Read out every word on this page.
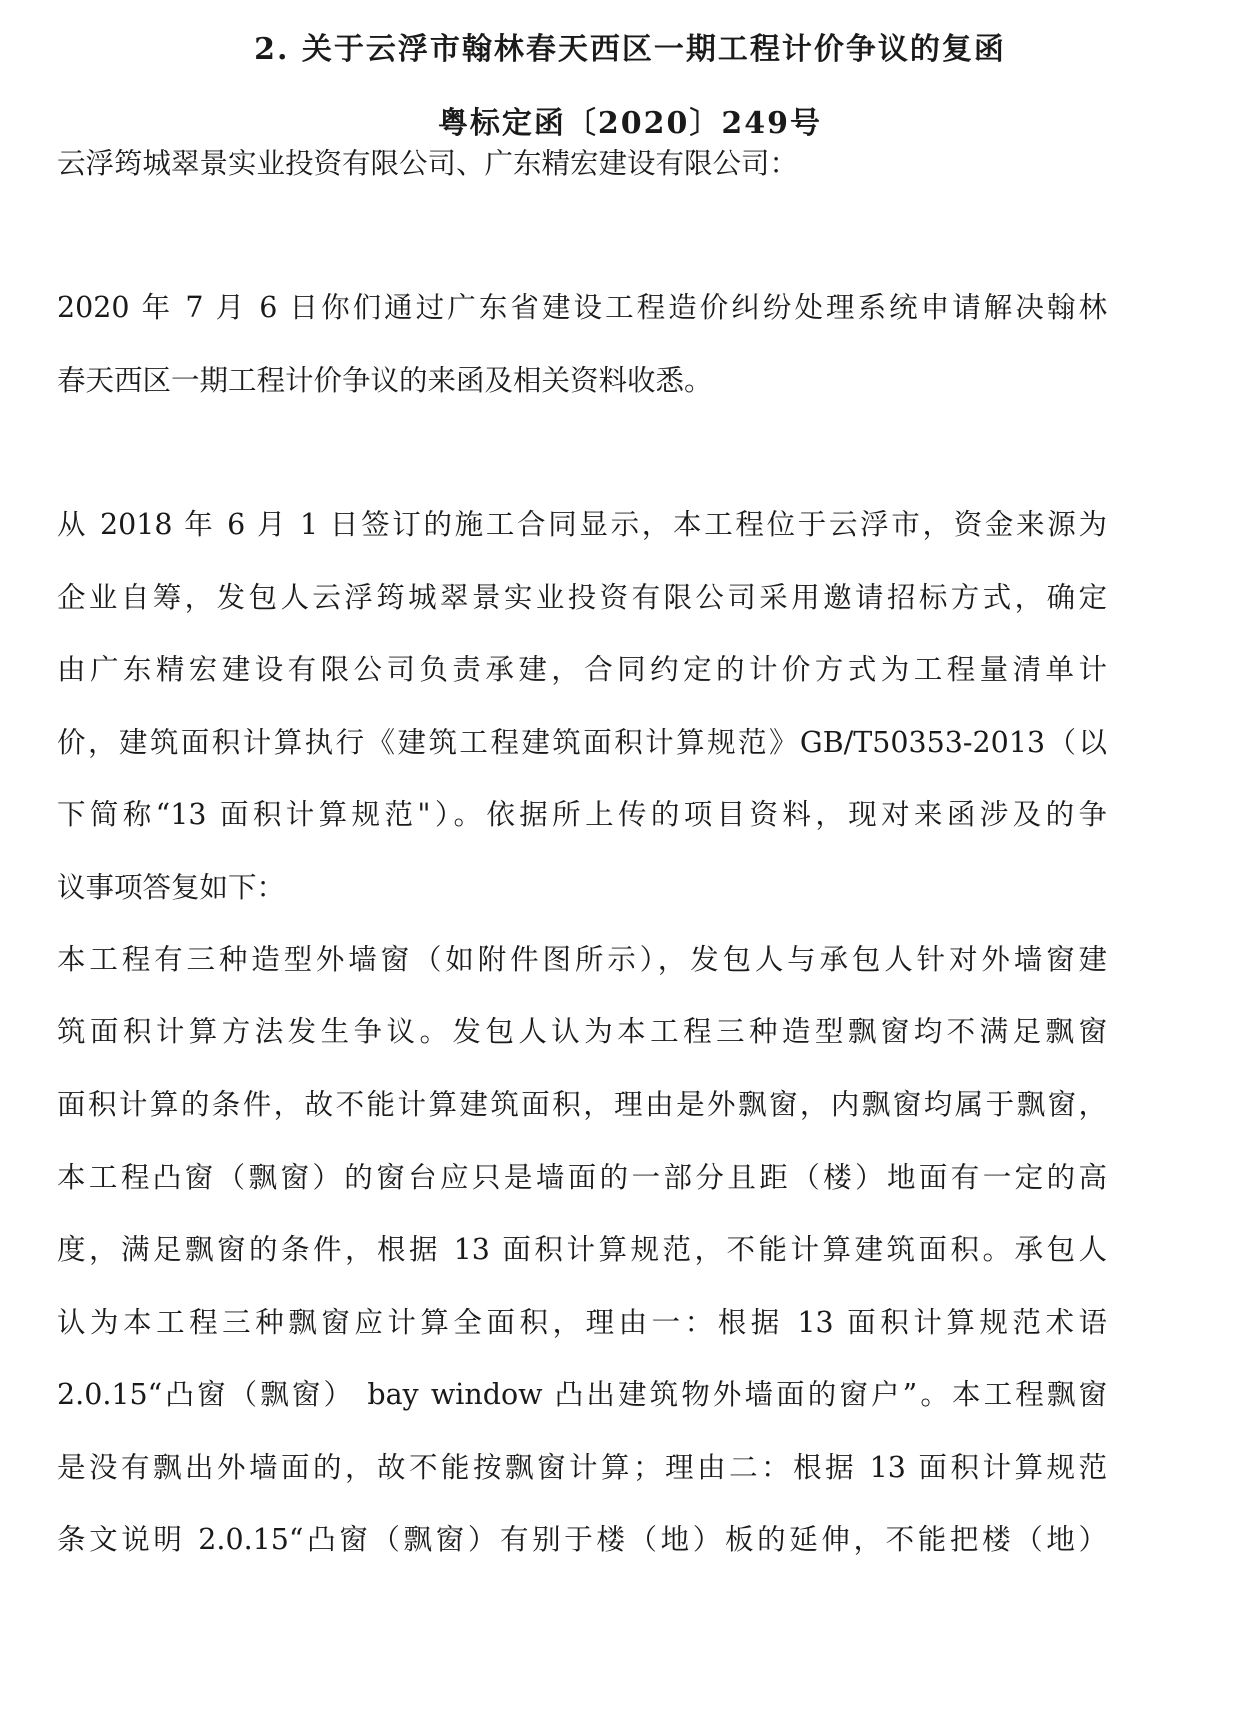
2. 关于云浮市翰林春天西区一期工程计价争议的复函
粤标定函〔2020〕249号
云浮筠城翠景实业投资有限公司、广东精宏建设有限公司：
2020 年 7 月 6 日你们通过广东省建设工程造价纠纷处理系统申请解决翰林
春天西区一期工程计价争议的来函及相关资料收悉。
从 2018 年 6 月 1 日签订的施工合同显示，本工程位于云浮市，资金来源为
企业自筹，发包人云浮筠城翠景实业投资有限公司采用邀请招标方式，确定
由广东精宏建设有限公司负责承建，合同约定的计价方式为工程量清单计
价，建筑面积计算执行《建筑工程建筑面积计算规范》GB/T50353-2013（以
下简称“13 面积计算规范"）。依据所上传的项目资料，现对来函涉及的争
议事项答复如下：
本工程有三种造型外墙窗（如附件图所示），发包人与承包人针对外墙窗建
筑面积计算方法发生争议。发包人认为本工程三种造型飘窗均不满足飘窗
面积计算的条件，故不能计算建筑面积，理由是外飘窗，内飘窗均属于飘窗，
本工程凸窗（飘窗）的窗台应只是墙面的一部分且距（楼）地面有一定的高
度，满足飘窗的条件，根据 13 面积计算规范，不能计算建筑面积。承包人
认为本工程三种飘窗应计算全面积，理由一：根据 13 面积计算规范术语
2.0.15“凸窗（飘窗） bay window 凸出建筑物外墙面的窗户”。本工程飘窗
是没有飘出外墙面的，故不能按飘窗计算；理由二：根据 13 面积计算规范
条文说明 2.0.15“凸窗（飘窗）有别于楼（地）板的延伸，不能把楼（地）
